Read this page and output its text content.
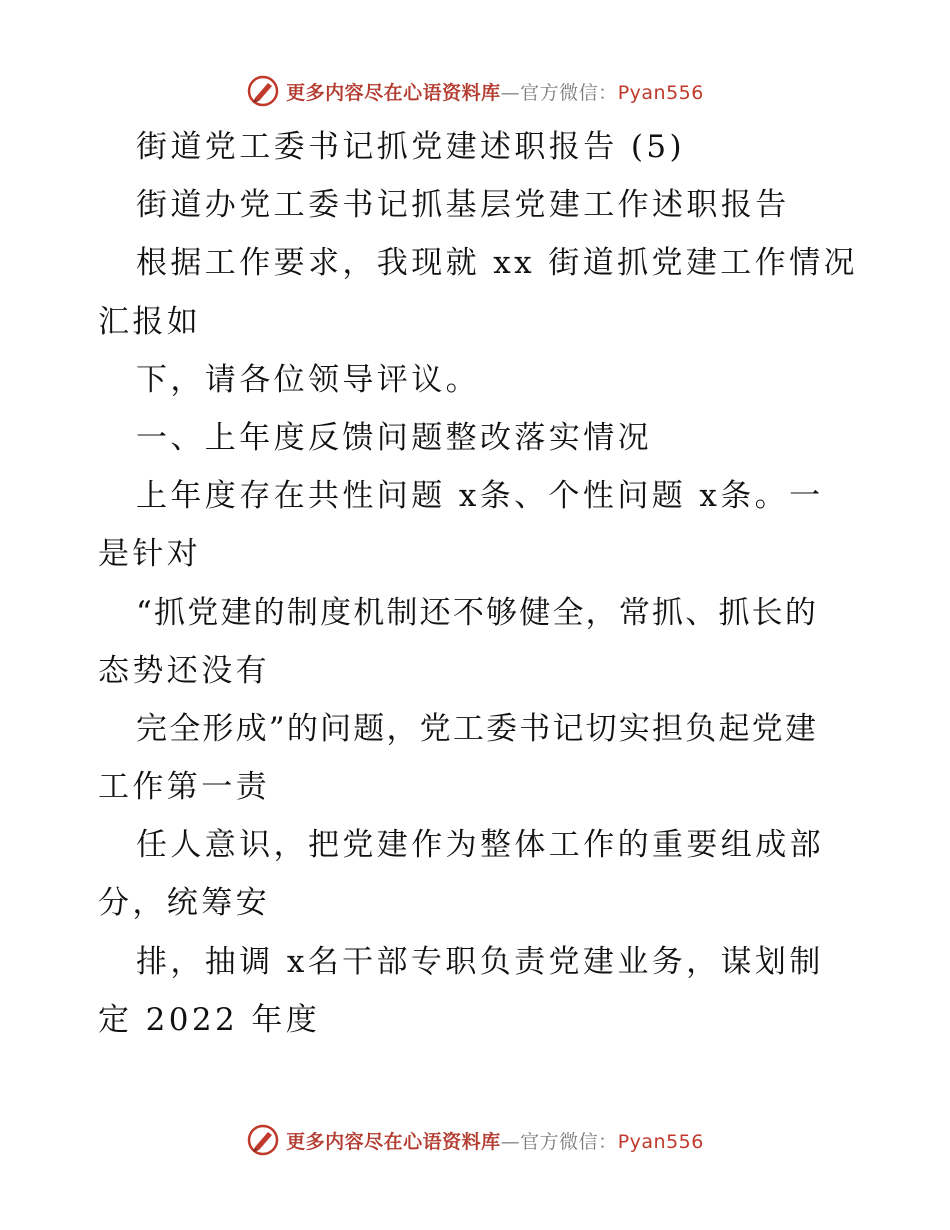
更多内容尽在心语资料库—官方微信：Pyan556
街道党工委书记抓党建述职报告 (5)
街道办党工委书记抓基层党建工作述职报告
根据工作要求，我现就 xx 街道抓党建工作情况
汇报如
下，请各位领导评议。
一、上年度反馈问题整改落实情况
上年度存在共性问题 x条、个性问题 x条。一
是针对
“抓党建的制度机制还不够健全，常抓、抓长的
态势还没有
完全形成”的问题，党工委书记切实担负起党建
工作第一责
任人意识，把党建作为整体工作的重要组成部
分，统筹安
排，抽调 x名干部专职负责党建业务，谋划制
定 2022 年度
更多内容尽在心语资料库—官方微信：Pyan556
